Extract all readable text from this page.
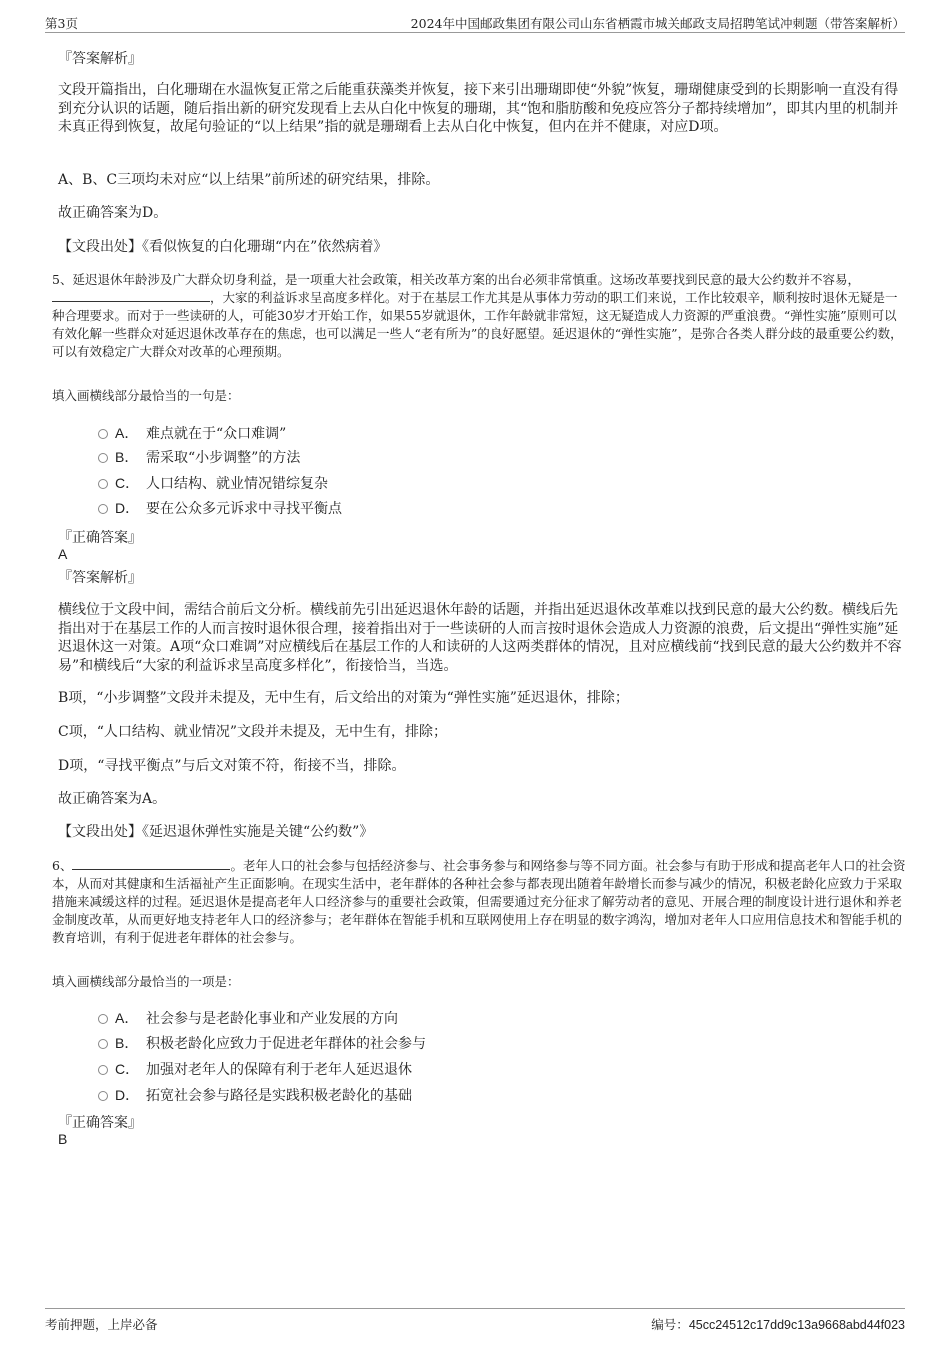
第3页	2024年中国邮政集团有限公司山东省栖霞市城关邮政支局招聘笔试冲刺题（带答案解析）
『答案解析』

文段开篇指出，白化珊瑚在水温恢复正常之后能重获藻类并恢复，接下来引出珊瑚即使“外貌”恢复，珊瑚健康受到的长期影响一直没有得到充分认识的话题，随后指出新的研究发现看上去从白化中恢复的珊瑚，其“饱和脂肪酸和免疫应答分子都持续增加”，即其内里的机制并未真正得到恢复，故尾句验证的“以上结果”指的就是珊瑚看上去从白化中恢复，但内在并不健康，对应D项。

A、B、C三项均未对应“以上结果”前所述的研究结果，排除。

故正确答案为D。

【文段出处】《看似恢复的白化珊瑚“内在”依然病着》

5、延迟退休年龄涉及广大群众切身利益，是一项重大社会政策，相关改革方案的出台必须非常慎重。这场改革要找到民意的最大公约数并不容易，，大家的利益诉求呈高度多样化。对于在基层工作尤其是从事体力劳动的职工们来说，工作比较艰辛，顺利按时退休无疑是一种合理要求。而对于一些读研的人，可能30岁才开始工作，如果55岁就退休，工作年龄就非常短，这无疑造成人力资源的严重浪费。“弹性实施”原则可以有效化解一些群众对延迟退休改革存在的焦虑，也可以满足一些人“老有所为”的良好愿望。延迟退休的“弹性实施”，是弥合各类人群分歧的最重要公约数，可以有效稳定广大群众对改革的心理预期。
填入画横线部分最恰当的一句是：
A． 难点就在于“众口难调”
B． 需采取“小步调整”的方法
C． 人口结构、就业情况错综复杂
D． 要在公众多元诉求中寻找平衡点
『正确答案』
A
『答案解析』

横线位于文段中间，需结合前后文分析。横线前先引出延迟退休年龄的话题，并指出延迟退休改革难以找到民意的最大公约数。横线后先指出对于在基层工作的人而言按时退休很合理，接着指出对于一些读研的人而言按时退休会造成人力资源的浪费，后文提出“弹性实施”延迟退休这一对策。A项“众口难调”对应横线后在基层工作的人和读研的人这两类群体的情况，且对应横线前“找到民意的最大公约数并不容易”和横线后“大家的利益诉求呈高度多样化”，衔接恰当，当选。

B项，“小步调整”文段并未提及，无中生有，后文给出的对策为“弹性实施”延迟退休，排除；

C项，“人口结构、就业情况”文段并未提及，无中生有，排除；

D项，“寻找平衡点”与后文对策不符，衔接不当，排除。

故正确答案为A。

【文段出处】《延迟退休弹性实施是关键“公约数”》

6、	。老年人口的社会参与包括经济参与、社会事务参与和网络参与等不同方面。社会参与有助于形成和提高老年人口的社会资本，从而对其健康和生活福祉产生正面影响。在现实生活中，老年群体的各种社会参与都表现出随着年龄增长而参与减少的情况，积极老龄化应致力于采取措施来减缓这样的过程。延迟退休是提高老年人口经济参与的重要社会政策，但需要通过充分征求了解劳动者的意见、开展合理的制度设计进行退休和养老金制度改革，从而更好地支持老年人口的经济参与；老年群体在智能手机和互联网使用上存在明显的数字鸿沟，增加对老年人口应用信息技术和智能手机的教育培训，有利于促进老年群体的社会参与。
填入画横线部分最恰当的一项是：
A． 社会参与是老龄化事业和产业发展的方向
B． 积极老龄化应致力于促进老年群体的社会参与
C． 加强对老年人的保障有利于老年人延迟退休
D． 拓宽社会参与路径是实践积极老龄化的基础
『正确答案』
B
考前押题，上岸必备	编号：45cc24512c17dd9c13a9668abd44f023
